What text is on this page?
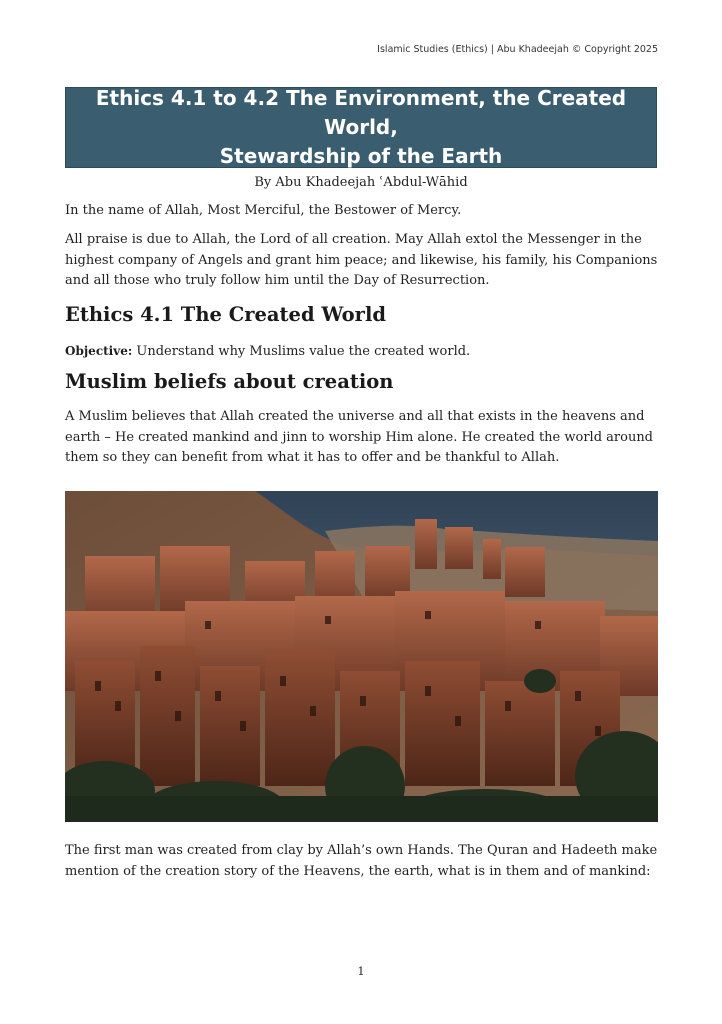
Islamic Studies (Ethics) | Abu Khadeejah © Copyright 2025
Ethics 4.1 to 4.2 The Environment, the Created World,
Stewardship of the Earth
By Abu Khadeejah ʿAbdul-Wāhid
In the name of Allah, Most Merciful, the Bestower of Mercy.
All praise is due to Allah, the Lord of all creation. May Allah extol the Messenger in the highest company of Angels and grant him peace; and likewise, his family, his Companions and all those who truly follow him until the Day of Resurrection.
Ethics 4.1 The Created World
Objective: Understand why Muslims value the created world.
Muslim beliefs about creation
A Muslim believes that Allah created the universe and all that exists in the heavens and earth – He created mankind and jinn to worship Him alone. He created the world around them so they can benefit from what it has to offer and be thankful to Allah.
The first man was created from clay by Allah’s own Hands. The Quran and Hadeeth make mention of the creation story of the Heavens, the earth, what is in them and of mankind:
1
